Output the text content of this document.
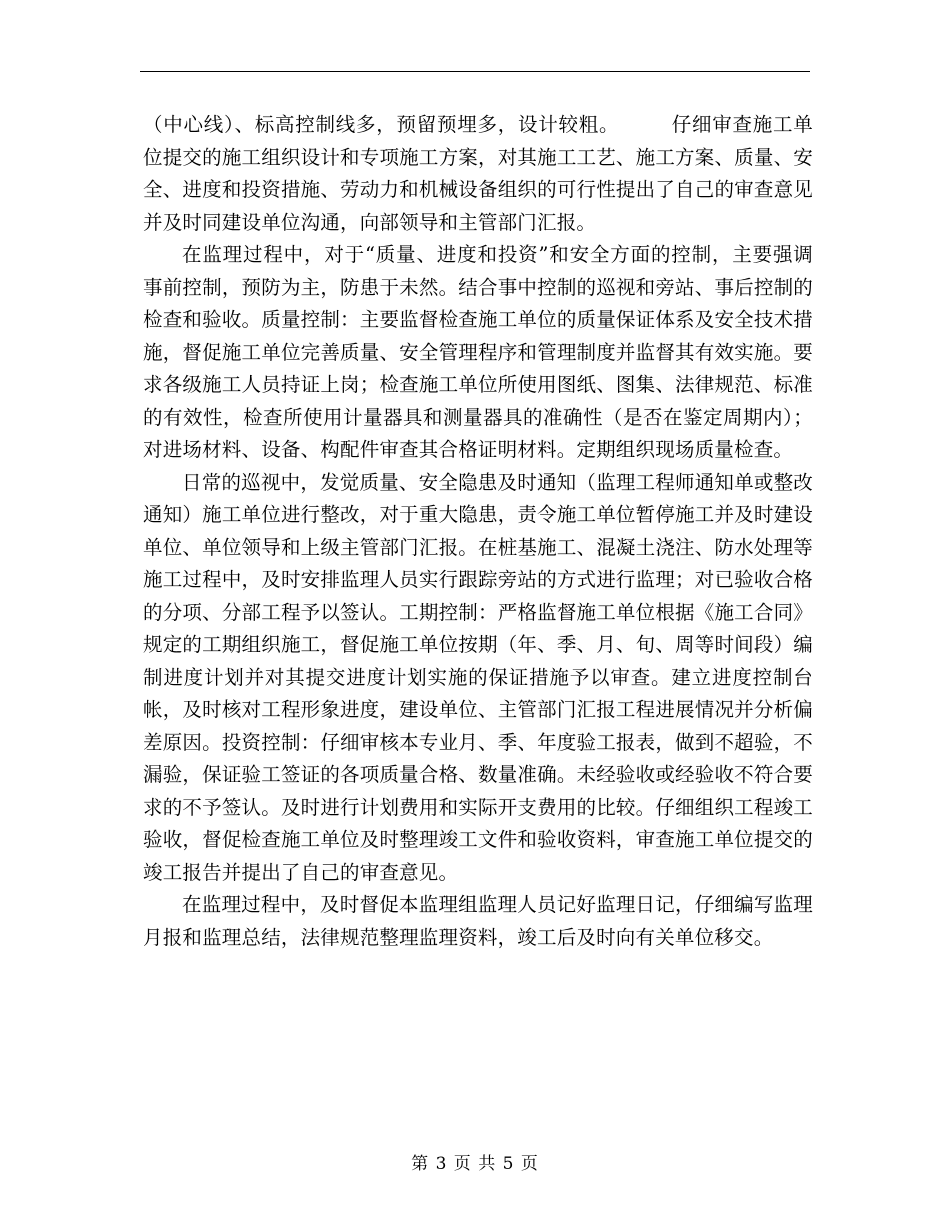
（中心线）、标高控制线多，预留预埋多，设计较粗。	仔细审查施工单位提交的施工组织设计和专项施工方案，对其施工工艺、施工方案、质量、安全、进度和投资措施、劳动力和机械设备组织的可行性提出了自己的审查意见并及时同建设单位沟通，向部领导和主管部门汇报。

在监理过程中，对于“质量、进度和投资”和安全方面的控制，主要强调事前控制，预防为主，防患于未然。结合事中控制的巡视和旁站、事后控制的检查和验收。质量控制：主要监督检查施工单位的质量保证体系及安全技术措施，督促施工单位完善质量、安全管理程序和管理制度并监督其有效实施。要求各级施工人员持证上岗；检查施工单位所使用图纸、图集、法律规范、标准的有效性，检查所使用计量器具和测量器具的准确性（是否在鉴定周期内）；对进场材料、设备、构配件审查其合格证明材料。定期组织现场质量检查。

日常的巡视中，发觉质量、安全隐患及时通知（监理工程师通知单或整改通知）施工单位进行整改，对于重大隐患，责令施工单位暂停施工并及时建设单位、单位领导和上级主管部门汇报。在桩基施工、混凝土浇注、防水处理等施工过程中，及时安排监理人员实行跟踪旁站的方式进行监理；对已验收合格的分项、分部工程予以签认。工期控制：严格监督施工单位根据《施工合同》规定的工期组织施工，督促施工单位按期（年、季、月、旬、周等时间段）编制进度计划并对其提交进度计划实施的保证措施予以审查。建立进度控制台帐，及时核对工程形象进度，建设单位、主管部门汇报工程进展情况并分析偏差原因。投资控制：仔细审核本专业月、季、年度验工报表，做到不超验，不漏验，保证验工签证的各项质量合格、数量准确。未经验收或经验收不符合要求的不予签认。及时进行计划费用和实际开支费用的比较。仔细组织工程竣工验收，督促检查施工单位及时整理竣工文件和验收资料，审查施工单位提交的竣工报告并提出了自己的审查意见。

在监理过程中，及时督促本监理组监理人员记好监理日记，仔细编写监理月报和监理总结，法律规范整理监理资料，竣工后及时向有关单位移交。

第 3 页 共 5 页
